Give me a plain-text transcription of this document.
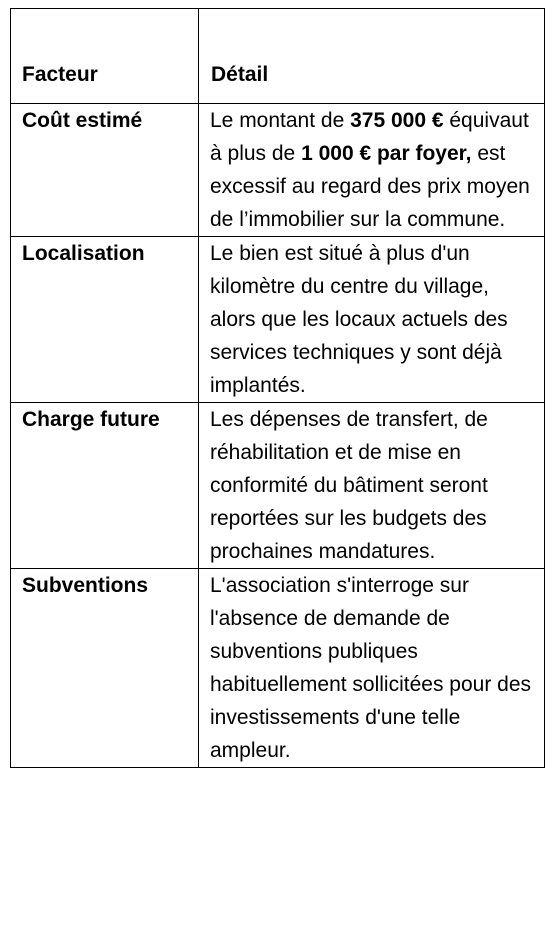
Facteur	Détail
Coût estimé	Le montant de 375 000 € équivaut à plus de 1 000 € par foyer, est excessif au regard des prix moyen de l’immobilier sur la commune.
Localisation	Le bien est situé à plus d'un kilomètre du centre du village, alors que les locaux actuels des services techniques y sont déjà implantés.
Charge future	Les dépenses de transfert, de réhabilitation et de mise en conformité du bâtiment seront reportées sur les budgets des prochaines mandatures.
Subventions	L'association s'interroge sur l'absence de demande de subventions publiques habituellement sollicitées pour des investissements d'une telle ampleur.
